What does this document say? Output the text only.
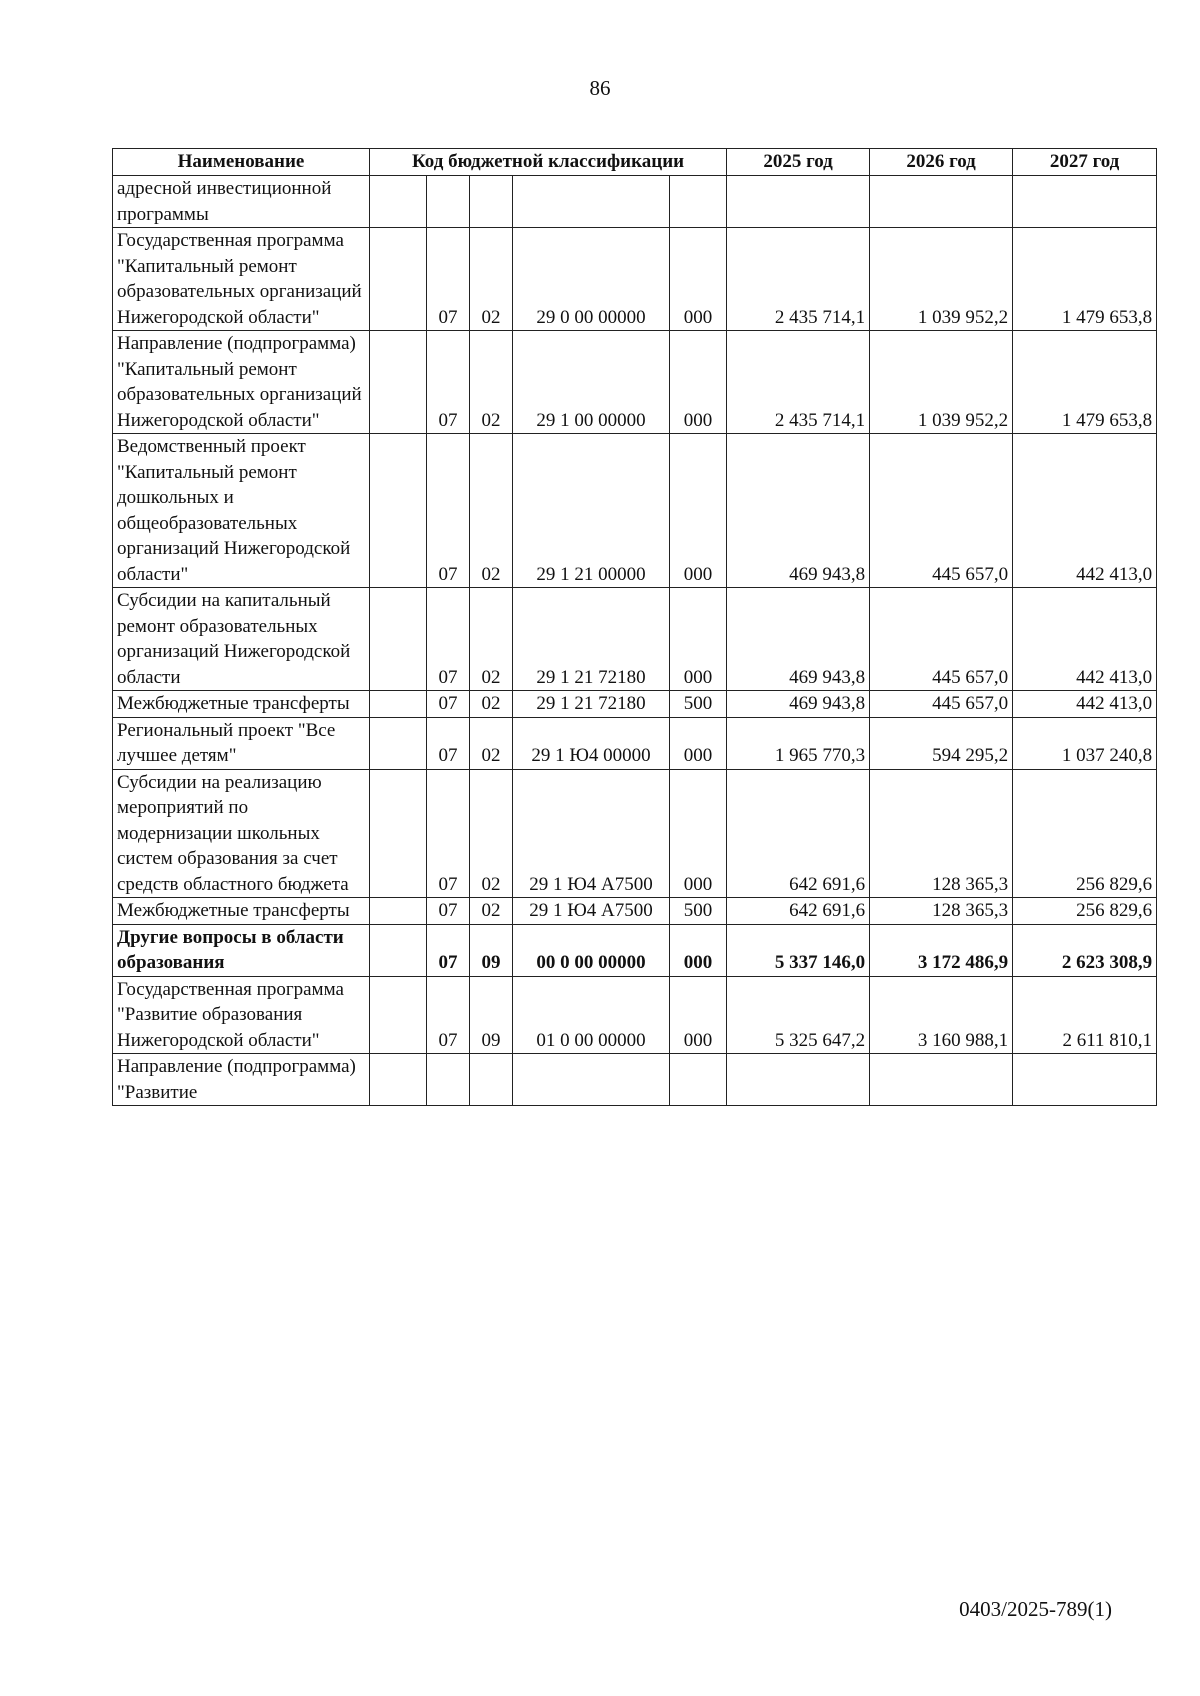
86
Наименование	Код бюджетной классификации					2025 год	2026 год	2027 год
адресной инвестиционной программы								
Государственная программа "Капитальный ремонт образовательных организаций Нижегородской области"		07	02	29 0 00 00000	000	2 435 714,1	1 039 952,2	1 479 653,8
Направление (подпрограмма) "Капитальный ремонт образовательных организаций Нижегородской области"		07	02	29 1 00 00000	000	2 435 714,1	1 039 952,2	1 479 653,8
Ведомственный проект "Капитальный ремонт дошкольных и общеобразовательных организаций Нижегородской области"		07	02	29 1 21 00000	000	469 943,8	445 657,0	442 413,0
Субсидии на капитальный ремонт образовательных организаций Нижегородской области		07	02	29 1 21 72180	000	469 943,8	445 657,0	442 413,0
Межбюджетные трансферты		07	02	29 1 21 72180	500	469 943,8	445 657,0	442 413,0
Региональный проект "Все лучшее детям"		07	02	29 1 Ю4 00000	000	1 965 770,3	594 295,2	1 037 240,8
Субсидии на реализацию мероприятий по модернизации школьных систем образования за счет средств областного бюджета		07	02	29 1 Ю4 А7500	000	642 691,6	128 365,3	256 829,6
Межбюджетные трансферты		07	02	29 1 Ю4 А7500	500	642 691,6	128 365,3	256 829,6
Другие вопросы в области образования		07	09	00 0 00 00000	000	5 337 146,0	3 172 486,9	2 623 308,9
Государственная программа "Развитие образования Нижегородской области"		07	09	01 0 00 00000	000	5 325 647,2	3 160 988,1	2 611 810,1
Направление (подпрограмма) "Развитие								
0403/2025-789(1)
